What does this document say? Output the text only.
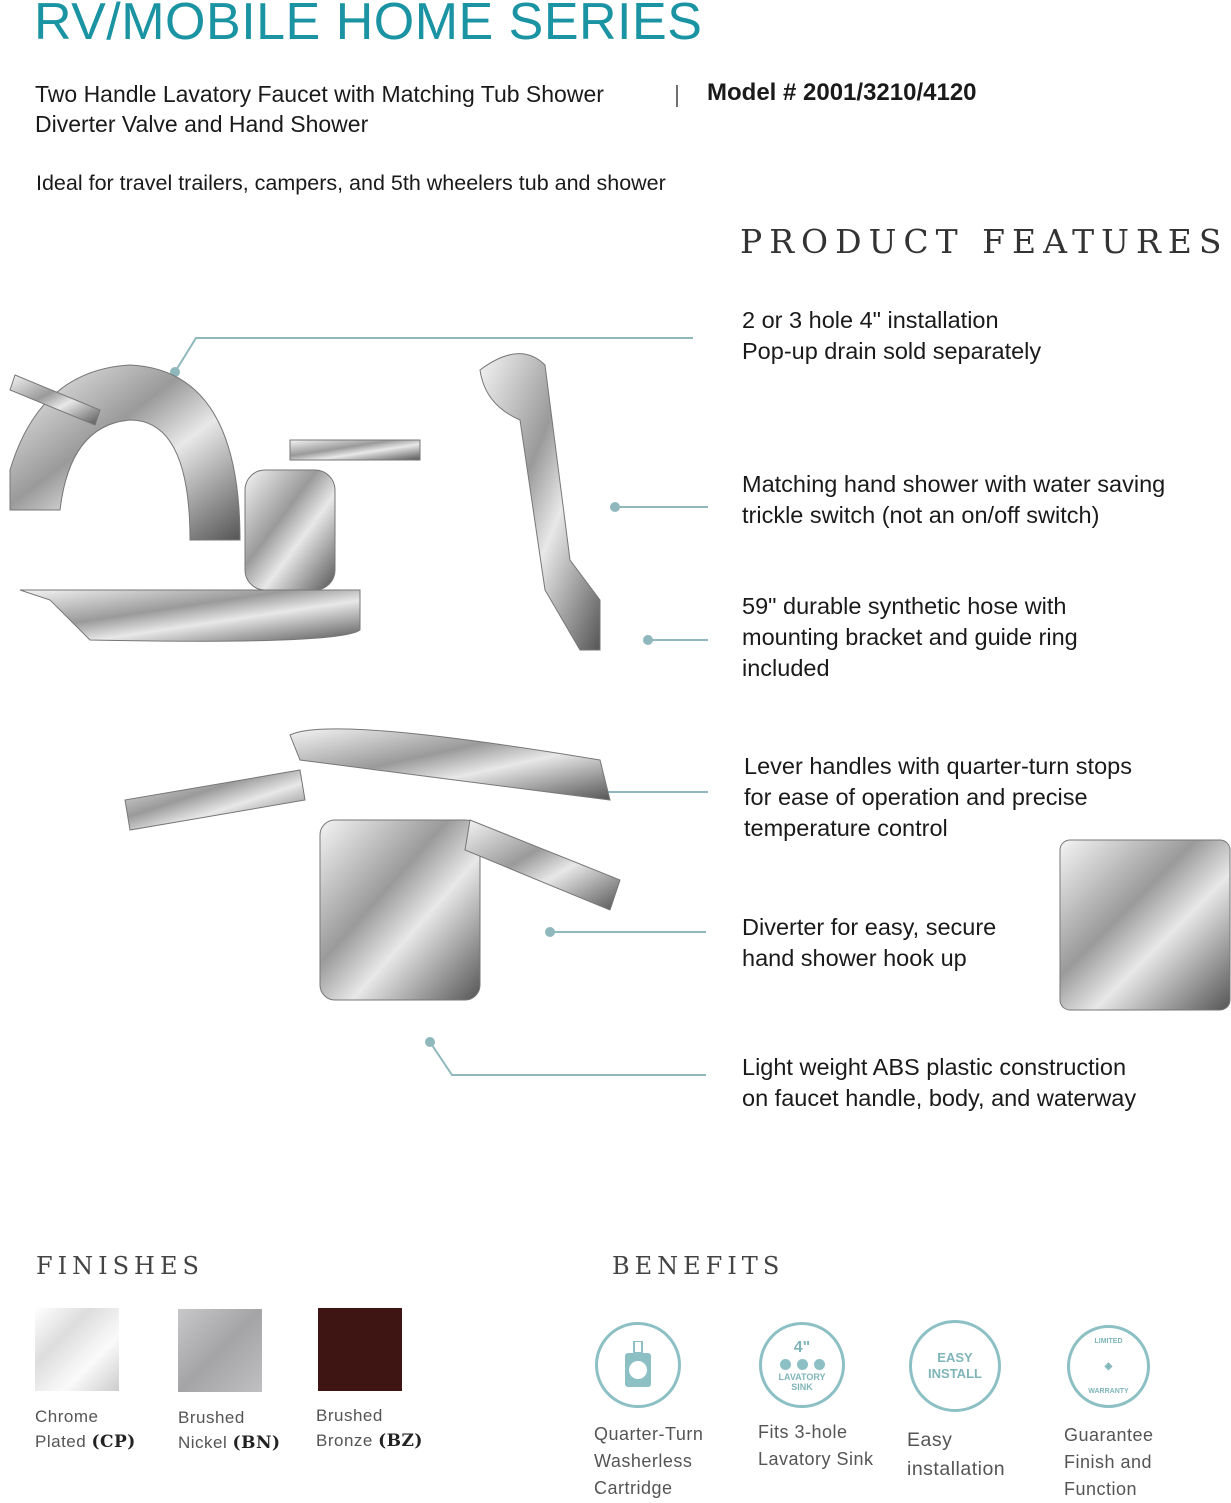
RV/MOBILE HOME SERIES
Two Handle Lavatory Faucet with Matching Tub Shower
Diverter Valve and Hand Shower
| Model # 2001/3210/4120
Ideal for travel trailers, campers, and 5th wheelers tub and shower
PRODUCT FEATURES
2 or 3 hole 4" installation
Pop-up drain sold separately
Matching hand shower with water saving
trickle switch (not an on/off switch)
59" durable synthetic hose with
mounting bracket and guide ring
included
Lever handles with quarter-turn stops
for ease of operation and precise
temperature control
Diverter for easy, secure
hand shower hook up
Light weight ABS plastic construction
on faucet handle, body, and waterway
FINISHES
Chrome
Plated (CP)
Brushed
Nickel (BN)
Brushed
Bronze (BZ)
BENEFITS
4"
LAVATORY
SINK
EASY
INSTALL
LIMITED
◈
WARRANTY
Quarter-Turn
Washerless
Cartridge
Fits 3-hole
Lavatory Sink
Easy
installation
Guarantee
Finish and
Function
